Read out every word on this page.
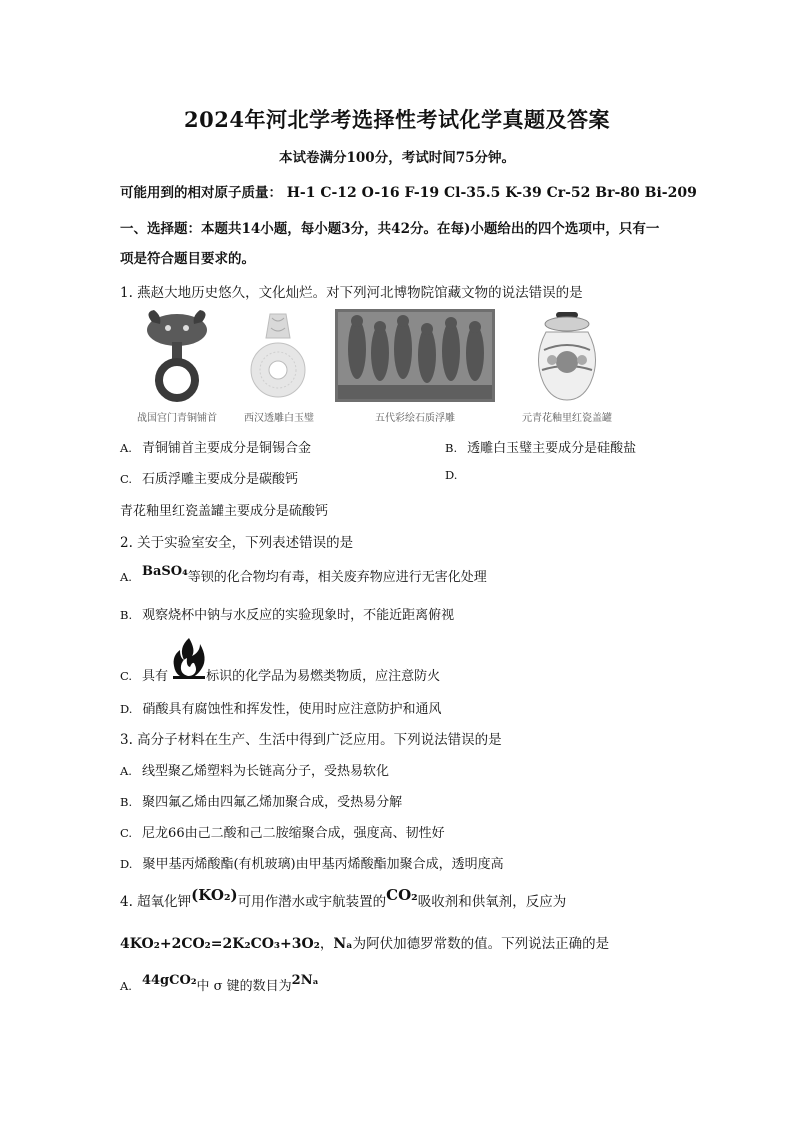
2024年河北学考选择性考试化学真题及答案
本试卷满分100分，考试时间75分钟。
可能用到的相对原子质量： H-1 C-12 O-16 F-19 Cl-35.5 K-39 Cr-52 Br-80 Bi-209
一、选择题：本题共14小题，每小题3分，共42分。在每)小题给出的四个选项中，只有一
项是符合题目要求的。
1. 燕赵大地历史悠久，文化灿烂。对下列河北博物院馆藏文物的说法错误的是
战国宫门青铜铺首	西汉透雕白玉璧	五代彩绘石质浮雕	元青花釉里红瓷盖罐
A. 青铜铺首主要成分是铜锡合金	B. 透雕白玉璧主要成分是硅酸盐
C. 石质浮雕主要成分是碳酸钙	D.
青花釉里红瓷盖罐主要成分是硫酸钙
2. 关于实验室安全，下列表述错误的是
A. BaSO₄等钡的化合物均有毒，相关废弃物应进行无害化处理
B. 观察烧杯中钠与水反应的实验现象时，不能近距离俯视
C. 具有	标识的化学品为易燃类物质，应注意防火
D. 硝酸具有腐蚀性和挥发性，使用时应注意防护和通风
3. 高分子材料在生产、生活中得到广泛应用。下列说法错误的是
A. 线型聚乙烯塑料为长链高分子，受热易软化
B. 聚四氟乙烯由四氟乙烯加聚合成，受热易分解
C. 尼龙66由己二酸和己二胺缩聚合成，强度高、韧性好
D. 聚甲基丙烯酸酯(有机玻璃)由甲基丙烯酸酯加聚合成，透明度高
4. 超氧化钾(KO₂)可用作潜水或宇航装置的CO₂吸收剂和供氧剂，反应为
4KO₂+2CO₂=2K₂CO₃+3O₂，Nₐ为阿伏加德罗常数的值。下列说法正确的是
A. 44gCO₂中 σ 键的数目为2Nₐ
